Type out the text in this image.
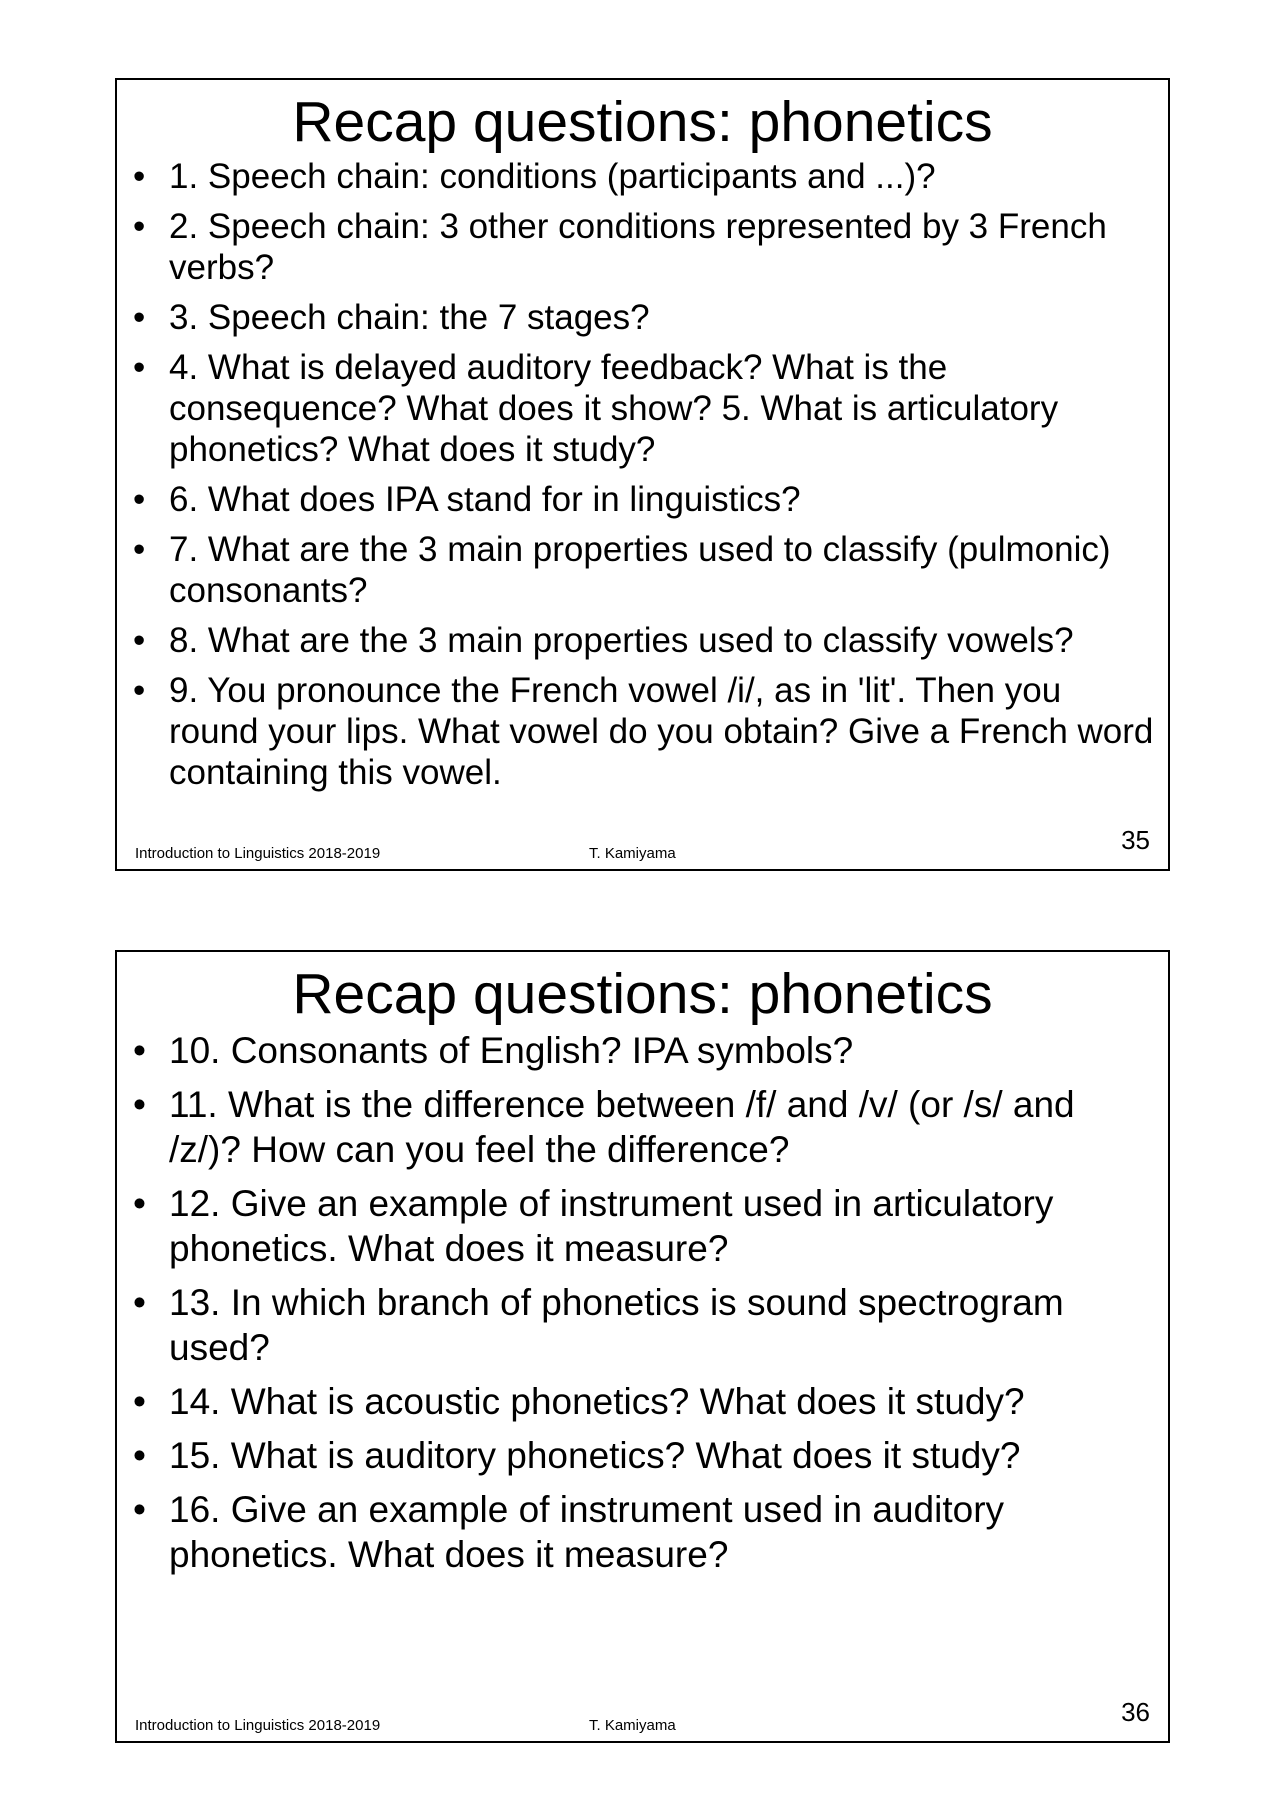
Recap questions: phonetics
• 1. Speech chain: conditions (participants and ...)?
• 2. Speech chain: 3 other conditions represented by 3 French verbs?
• 3. Speech chain: the 7 stages?
• 4. What is delayed auditory feedback? What is the consequence? What does it show? 5. What is articulatory phonetics? What does it study?
• 6. What does IPA stand for in linguistics?
• 7. What are the 3 main properties used to classify (pulmonic) consonants?
• 8. What are the 3 main properties used to classify vowels?
• 9. You pronounce the French vowel /i/, as in 'lit'. Then you round your lips. What vowel do you obtain? Give a French word containing this vowel.
Introduction to Linguistics 2018-2019	T. Kamiyama	35
Recap questions: phonetics
• 10. Consonants of English? IPA symbols?
• 11. What is the difference between /f/ and /v/ (or /s/ and /z/)? How can you feel the difference?
• 12. Give an example of instrument used in articulatory phonetics. What does it measure?
• 13. In which branch of phonetics is sound spectrogram used?
• 14. What is acoustic phonetics? What does it study?
• 15. What is auditory phonetics? What does it study?
• 16. Give an example of instrument used in auditory phonetics. What does it measure?
Introduction to Linguistics 2018-2019	T. Kamiyama	36
